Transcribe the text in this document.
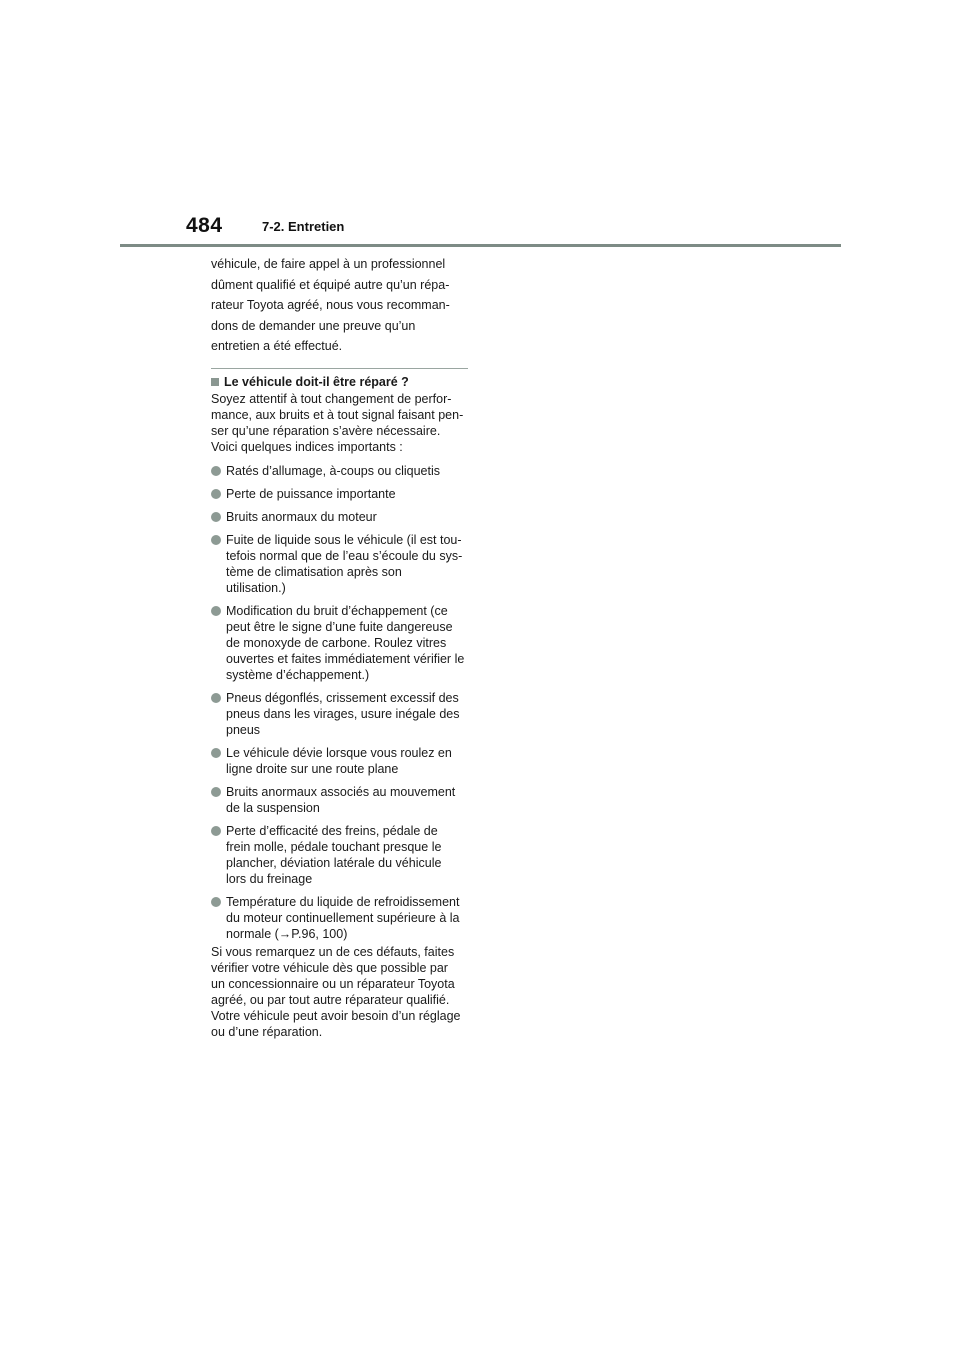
484	7-2. Entretien

véhicule, de faire appel à un professionnel

dûment qualifié et équipé autre qu’un répa-

rateur Toyota agréé, nous vous recomman-

dons de demander une preuve qu’un

entretien a été effectué.

Le véhicule doit-il être réparé ?
Soyez attentif à tout changement de perfor-
mance, aux bruits et à tout signal faisant pen-
ser qu’une réparation s’avère nécessaire.
Voici quelques indices importants :
Ratés d’allumage, à-coups ou cliquetis
Perte de puissance importante
Bruits anormaux du moteur
Fuite de liquide sous le véhicule (il est tou-
tefois normal que de l’eau s’écoule du sys-
tème de climatisation après son
utilisation.)
Modification du bruit d’échappement (ce
peut être le signe d’une fuite dangereuse
de monoxyde de carbone. Roulez vitres
ouvertes et faites immédiatement vérifier le
système d’échappement.)
Pneus dégonflés, crissement excessif des
pneus dans les virages, usure inégale des
pneus
Le véhicule dévie lorsque vous roulez en
ligne droite sur une route plane
Bruits anormaux associés au mouvement
de la suspension
Perte d’efficacité des freins, pédale de
frein molle, pédale touchant presque le
plancher, déviation latérale du véhicule
lors du freinage
Température du liquide de refroidissement
du moteur continuellement supérieure à la
normale (→P.96, 100)
Si vous remarquez un de ces défauts, faites
vérifier votre véhicule dès que possible par
un concessionnaire ou un réparateur Toyota
agréé, ou par tout autre réparateur qualifié.
Votre véhicule peut avoir besoin d’un réglage
ou d’une réparation.
